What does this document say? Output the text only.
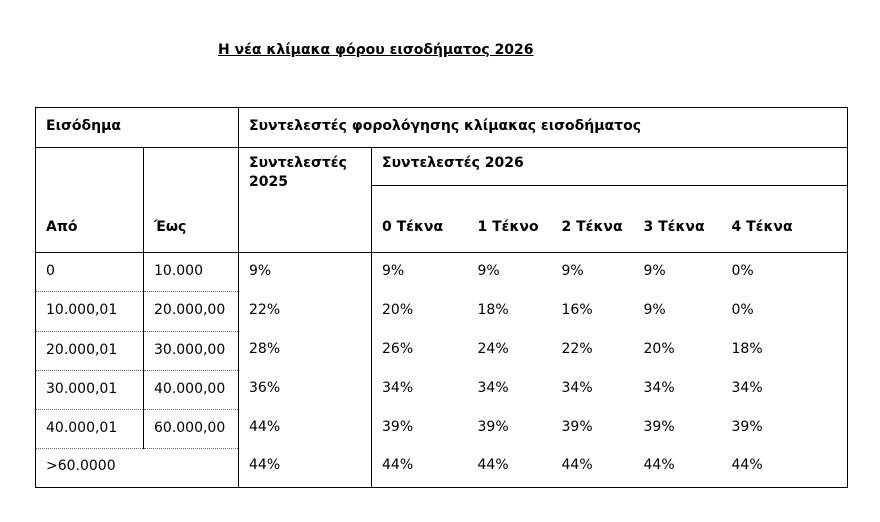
Η νέα κλίμακα φόρου εισοδήματος 2026
Εισόδημα		Συντελεστές φορολόγησης κλίμακας εισοδήματος					
Από	Έως	Συντελεστές 2025	Συντελεστές 2026				
			0 Τέκνα	1 Τέκνο	2 Τέκνα	3 Τέκνα	4 Τέκνα
0	10.000	9%	9%	9%	9%	9%	0%
10.000,01	20.000,00	22%	20%	18%	16%	9%	0%
20.000,01	30.000,00	28%	26%	24%	22%	20%	18%
30.000,01	40.000,00	36%	34%	34%	34%	34%	34%
40.000,01	60.000,00	44%	39%	39%	39%	39%	39%
>60.0000		44%	44%	44%	44%	44%	44%
